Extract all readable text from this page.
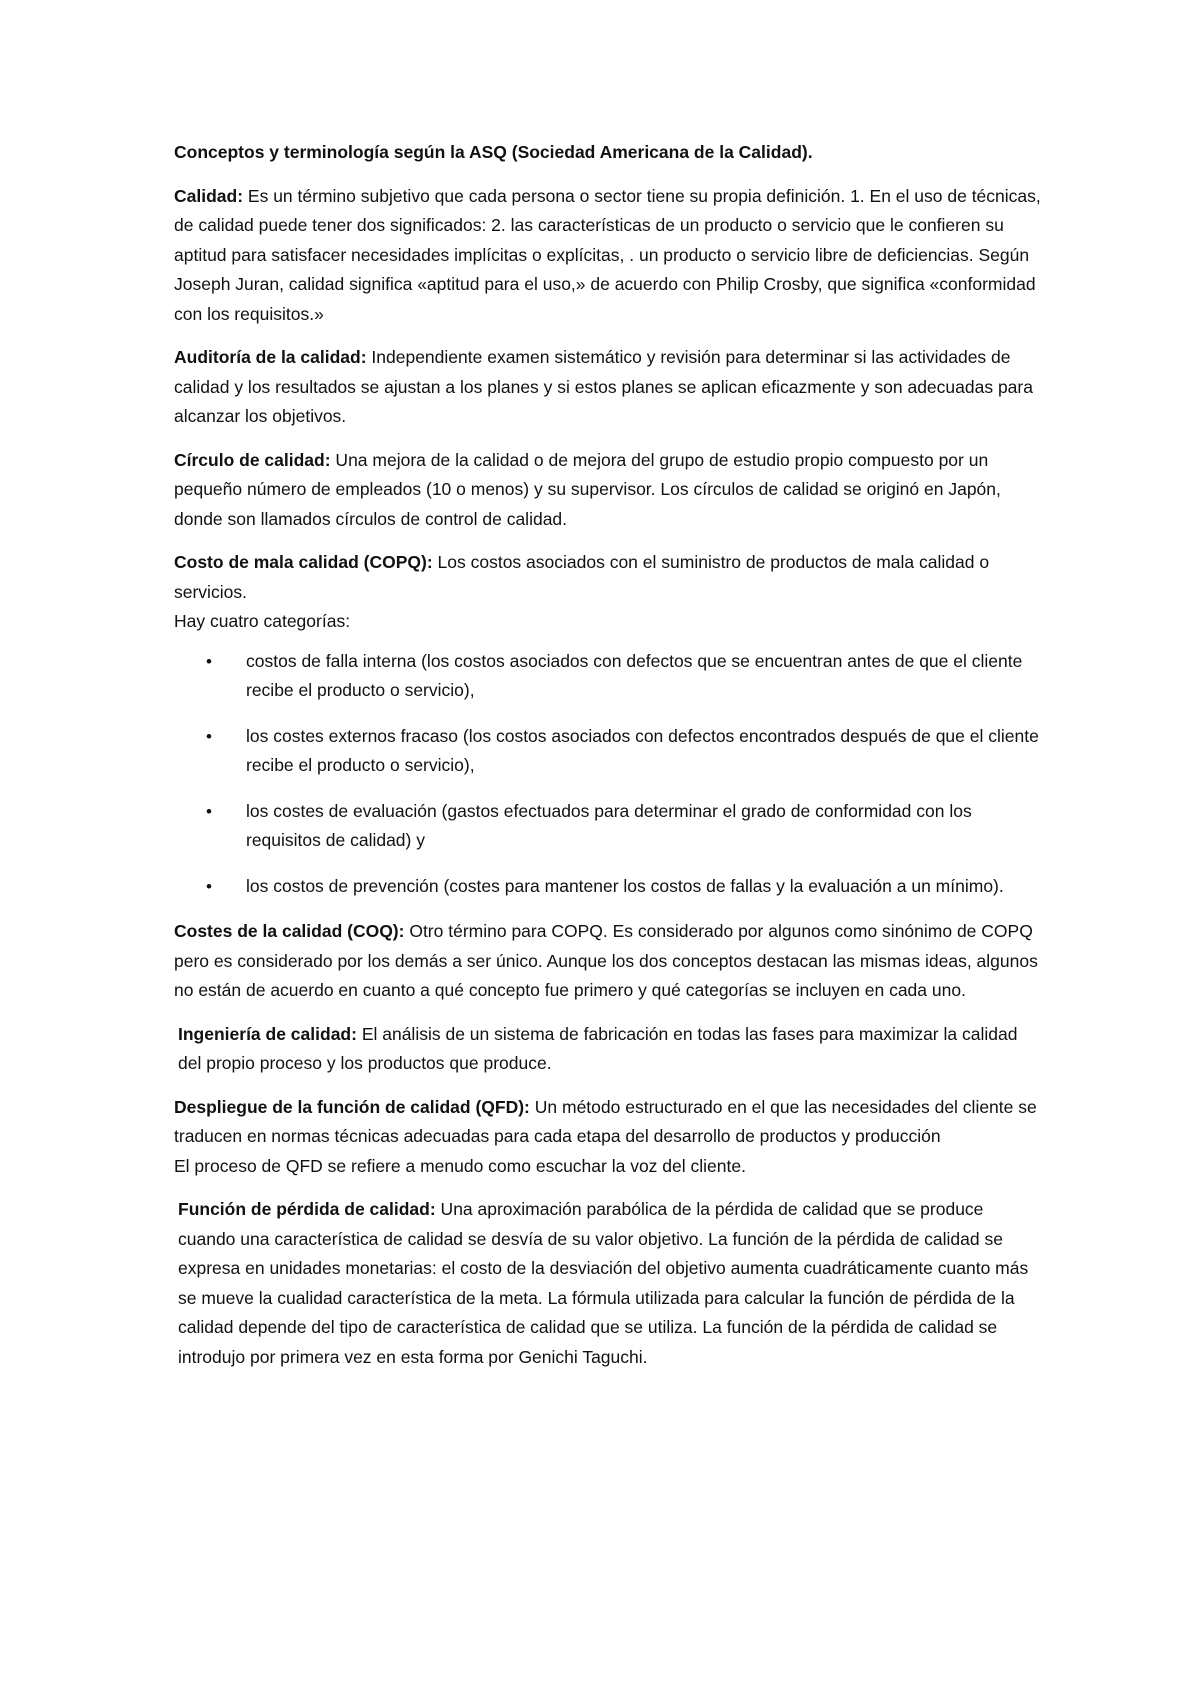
Conceptos y terminología según la ASQ (Sociedad Americana de la Calidad).

Calidad: Es un término subjetivo que cada persona o sector tiene su propia definición. 1. En el uso de técnicas, de calidad puede tener dos significados: 2. las características de un producto o servicio que le confieren su aptitud para satisfacer necesidades implícitas o explícitas, . un producto o servicio libre de deficiencias. Según Joseph Juran, calidad significa «aptitud para el uso,» de acuerdo con Philip Crosby, que significa «conformidad con los requisitos.»

Auditoría de la calidad: Independiente examen sistemático y revisión para determinar si las actividades de calidad y los resultados se ajustan a los planes y si estos planes se aplican eficazmente y son adecuadas para alcanzar los objetivos.

Círculo de calidad: Una mejora de la calidad o de mejora del grupo de estudio propio compuesto por un pequeño número de empleados (10 o menos) y su supervisor. Los círculos de calidad se originó en Japón, donde son llamados círculos de control de calidad.

Costo de mala calidad (COPQ): Los costos asociados con el suministro de productos de mala calidad o servicios.

Hay cuatro categorías:

• costos de falla interna (los costos asociados con defectos que se encuentran antes de que el cliente recibe el producto o servicio),
• los costes externos fracaso (los costos asociados con defectos encontrados después de que el cliente recibe el producto o servicio),
• los costes de evaluación (gastos efectuados para determinar el grado de conformidad con los requisitos de calidad) y
• los costos de prevención (costes para mantener los costos de fallas y la evaluación a un mínimo).

Costes de la calidad (COQ): Otro término para COPQ. Es considerado por algunos como sinónimo de COPQ pero es considerado por los demás a ser único. Aunque los dos conceptos destacan las mismas ideas, algunos no están de acuerdo en cuanto a qué concepto fue primero y qué categorías se incluyen en cada uno.

Ingeniería de calidad: El análisis de un sistema de fabricación en todas las fases para maximizar la calidad del propio proceso y los productos que produce.

Despliegue de la función de calidad (QFD): Un método estructurado en el que las necesidades del cliente se traducen en normas técnicas adecuadas para cada etapa del desarrollo de productos y producción

El proceso de QFD se refiere a menudo como escuchar la voz del cliente.

Función de pérdida de calidad: Una aproximación parabólica de la pérdida de calidad que se produce cuando una característica de calidad se desvía de su valor objetivo. La función de la pérdida de calidad se expresa en unidades monetarias: el costo de la desviación del objetivo aumenta cuadráticamente cuanto más se mueve la cualidad característica de la meta. La fórmula utilizada para calcular la función de pérdida de la calidad depende del tipo de característica de calidad que se utiliza. La función de la pérdida de calidad se introdujo por primera vez en esta forma por Genichi Taguchi.
